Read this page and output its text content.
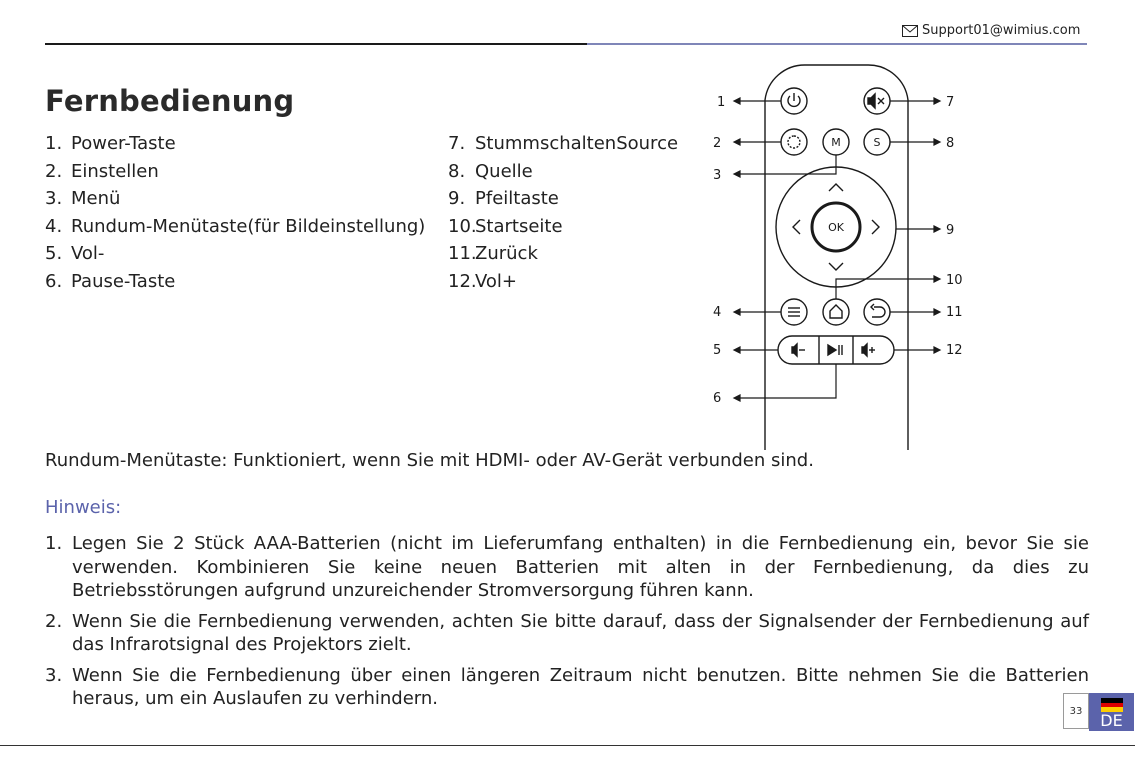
Support01@wimius.com
Fernbedienung
1. Power-Taste
2. Einstellen
3. Menü
4. Rundum-Menütaste(für Bildeinstellung)
5. Vol-
6. Pause-Taste
7. StummschaltenSource
8. Quelle
9. Pfeiltaste
10.Startseite
11.Zurück
12.Vol+
M	S
OK
1
2
3
4
5
6
7
8
9
10
11
12
Rundum-Menütaste: Funktioniert, wenn Sie mit HDMI- oder AV-Gerät verbunden sind.
Hinweis:
1. Legen Sie 2 Stück AAA-Batterien (nicht im Lieferumfang enthalten) in die Fernbedienung ein, bevor Sie sie verwenden. Kombinieren Sie keine neuen Batterien mit alten in der Fernbedienung, da dies zu Betriebsstörungen aufgrund unzureichender Stromversorgung führen kann.
2. Wenn Sie die Fernbedienung verwenden, achten Sie bitte darauf, dass der Signalsender der Fernbedienung auf das Infrarotsignal des Projektors zielt.
3. Wenn Sie die Fernbedienung über einen längeren Zeitraum nicht benutzen. Bitte nehmen Sie die Batterien heraus, um ein Auslaufen zu verhindern.
33	DE
